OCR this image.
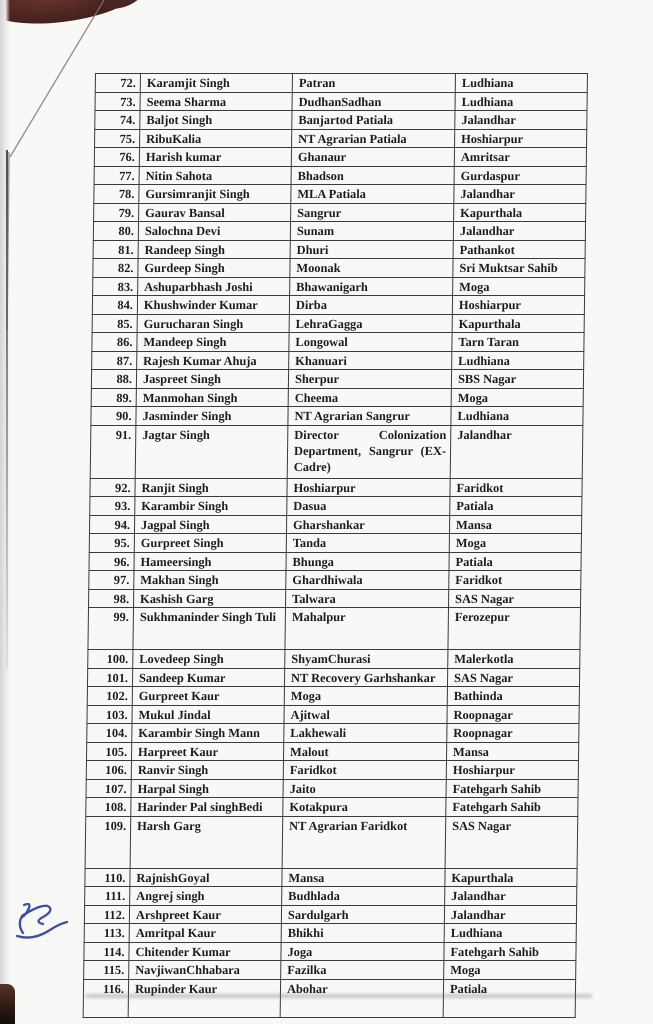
72.	Karamjit Singh	Patran	Ludhiana
73.	Seema Sharma	DudhanSadhan	Ludhiana
74.	Baljot Singh	Banjartod Patiala	Jalandhar
75.	RibuKalia	NT Agrarian Patiala	Hoshiarpur
76.	Harish kumar	Ghanaur	Amritsar
77.	Nitin Sahota	Bhadson	Gurdaspur
78.	Gursimranjit Singh	MLA Patiala	Jalandhar
79.	Gaurav Bansal	Sangrur	Kapurthala
80.	Salochna Devi	Sunam	Jalandhar
81.	Randeep Singh	Dhuri	Pathankot
82.	Gurdeep Singh	Moonak	Sri Muktsar Sahib
83.	Ashuparbhash Joshi	Bhawanigarh	Moga
84.	Khushwinder Kumar	Dirba	Hoshiarpur
85.	Gurucharan Singh	LehraGagga	Kapurthala
86.	Mandeep Singh	Longowal	Tarn Taran
87.	Rajesh Kumar Ahuja	Khanuari	Ludhiana
88.	Jaspreet Singh	Sherpur	SBS Nagar
89.	Manmohan Singh	Cheema	Moga
90.	Jasminder Singh	NT Agrarian Sangrur	Ludhiana
91.	Jagtar Singh	Director Colonization Department, Sangrur (EX-Cadre)	Jalandhar
92.	Ranjit Singh	Hoshiarpur	Faridkot
93.	Karambir Singh	Dasua	Patiala
94.	Jagpal Singh	Gharshankar	Mansa
95.	Gurpreet Singh	Tanda	Moga
96.	Hameersingh	Bhunga	Patiala
97.	Makhan Singh	Ghardhiwala	Faridkot
98.	Kashish Garg	Talwara	SAS Nagar
99.	Sukhmaninder Singh Tuli	Mahalpur	Ferozepur
100.	Lovedeep Singh	ShyamChurasi	Malerkotla
101.	Sandeep Kumar	NT Recovery Garhshankar	SAS Nagar
102.	Gurpreet Kaur	Moga	Bathinda
103.	Mukul Jindal	Ajitwal	Roopnagar
104.	Karambir Singh Mann	Lakhewali	Roopnagar
105.	Harpreet Kaur	Malout	Mansa
106.	Ranvir Singh	Faridkot	Hoshiarpur
107.	Harpal Singh	Jaito	Fatehgarh Sahib
108.	Harinder Pal singhBedi	Kotakpura	Fatehgarh Sahib
109.	Harsh Garg	NT Agrarian Faridkot	SAS Nagar
110.	RajnishGoyal	Mansa	Kapurthala
111.	Angrej singh	Budhlada	Jalandhar
112.	Arshpreet Kaur	Sardulgarh	Jalandhar
113.	Amritpal Kaur	Bhikhi	Ludhiana
114.	Chitender Kumar	Joga	Fatehgarh Sahib
115.	NavjiwanChhabara	Fazilka	Moga
116.	Rupinder Kaur	Abohar	Patiala
